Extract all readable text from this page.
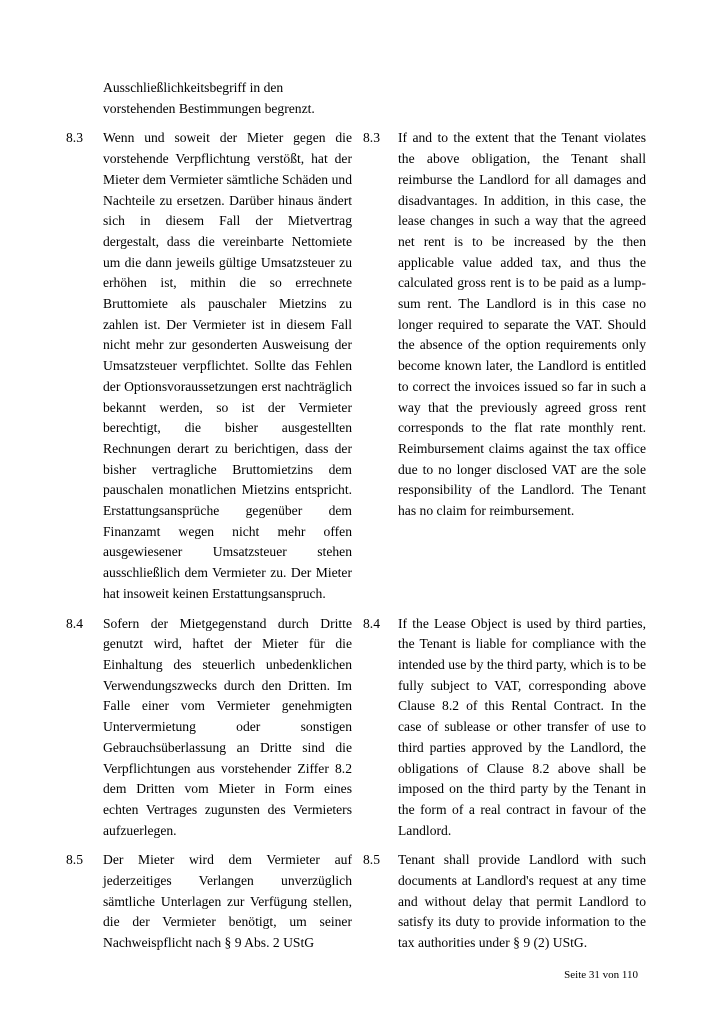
Ausschließlichkeitsbegriff in den vorstehenden Bestimmungen begrenzt.
8.3	Wenn und soweit der Mieter gegen die vorstehende Verpflichtung verstößt, hat der Mieter dem Vermieter sämtliche Schäden und Nachteile zu ersetzen. Darüber hinaus ändert sich in diesem Fall der Mietvertrag dergestalt, dass die vereinbarte Nettomiete um die dann jeweils gültige Umsatzsteuer zu erhöhen ist, mithin die so errechnete Bruttomiete als pauschaler Mietzins zu zahlen ist. Der Vermieter ist in diesem Fall nicht mehr zur gesonderten Ausweisung der Umsatzsteuer verpflichtet. Sollte das Fehlen der Optionsvoraussetzungen erst nachträglich bekannt werden, so ist der Vermieter berechtigt, die bisher ausgestellten Rechnungen derart zu berichtigen, dass der bisher vertragliche Bruttomietzins dem pauschalen monatlichen Mietzins entspricht. Erstattungsansprüche gegenüber dem Finanzamt wegen nicht mehr offen ausgewiesener Umsatzsteuer stehen ausschließlich dem Vermieter zu. Der Mieter hat insoweit keinen Erstattungsanspruch.
8.3	If and to the extent that the Tenant violates the above obligation, the Tenant shall reimburse the Landlord for all damages and disadvantages. In addition, in this case, the lease changes in such a way that the agreed net rent is to be increased by the then applicable value added tax, and thus the calculated gross rent is to be paid as a lump-sum rent. The Landlord is in this case no longer required to separate the VAT. Should the absence of the option requirements only become known later, the Landlord is entitled to correct the invoices issued so far in such a way that the previously agreed gross rent corresponds to the flat rate monthly rent. Reimbursement claims against the tax office due to no longer disclosed VAT are the sole responsibility of the Landlord. The Tenant has no claim for reimbursement.
8.4	Sofern der Mietgegenstand durch Dritte genutzt wird, haftet der Mieter für die Einhaltung des steuerlich unbedenklichen Verwendungszwecks durch den Dritten. Im Falle einer vom Vermieter genehmigten Untervermietung oder sonstigen Gebrauchsüberlassung an Dritte sind die Verpflichtungen aus vorstehender Ziffer 8.2 dem Dritten vom Mieter in Form eines echten Vertrages zugunsten des Vermieters aufzuerlegen.
8.4	If the Lease Object is used by third parties, the Tenant is liable for compliance with the intended use by the third party, which is to be fully subject to VAT, corresponding above Clause 8.2 of this Rental Contract. In the case of sublease or other transfer of use to third parties approved by the Landlord, the obligations of Clause 8.2 above shall be imposed on the third party by the Tenant in the form of a real contract in favour of the Landlord.
8.5	Der Mieter wird dem Vermieter auf jederzeitiges Verlangen unverzüglich sämtliche Unterlagen zur Verfügung stellen, die der Vermieter benötigt, um seiner Nachweispflicht nach § 9 Abs. 2 UStG
8.5	Tenant shall provide Landlord with such documents at Landlord's request at any time and without delay that permit Landlord to satisfy its duty to provide information to the tax authorities under § 9 (2) UStG.
Seite 31 von 110
